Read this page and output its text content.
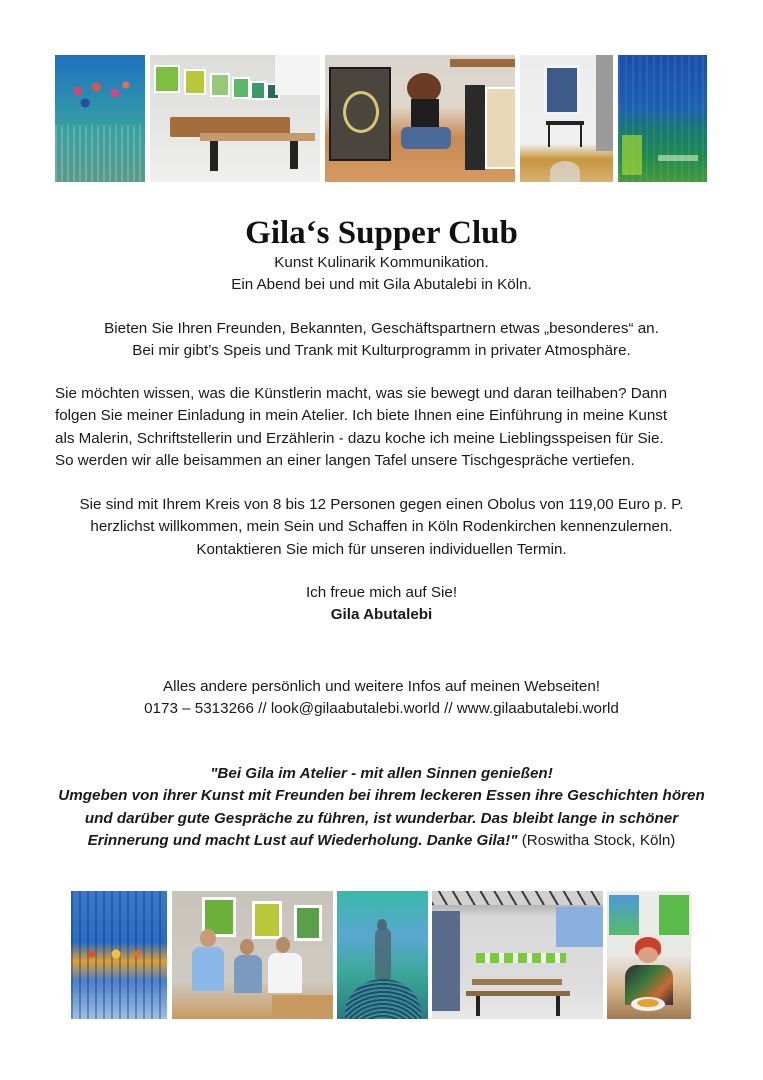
Gila‘s Supper Club
Kunst Kulinarik Kommunikation.
Ein Abend bei und mit Gila Abutalebi in Köln.
Bieten Sie Ihren Freunden, Bekannten, Geschäftspartnern etwas „besonderes“ an.
Bei mir gibt’s Speis und Trank mit Kulturprogramm in privater Atmosphäre.
Sie möchten wissen, was die Künstlerin macht, was sie bewegt und daran teilhaben? Dann
folgen Sie meiner Einladung in mein Atelier. Ich biete Ihnen eine Einführung in meine Kunst
als Malerin, Schriftstellerin und Erzählerin - dazu koche ich meine Lieblingsspeisen für Sie.
So werden wir alle beisammen an einer langen Tafel unsere Tischgespräche vertiefen.
Sie sind mit Ihrem Kreis von 8 bis 12 Personen gegen einen Obolus von 119,00 Euro p. P.
herzlichst willkommen, mein Sein und Schaffen in Köln Rodenkirchen kennenzulernen.
Kontaktieren Sie mich für unseren individuellen Termin.
Ich freue mich auf Sie!
Gila Abutalebi
Alles andere persönlich und weitere Infos auf meinen Webseiten!
0173 – 5313266 // look@gilaabutalebi.world // www.gilaabutalebi.world
"Bei Gila im Atelier - mit allen Sinnen genießen!
Umgeben von ihrer Kunst mit Freunden bei ihrem leckeren Essen ihre Geschichten hören
und darüber gute Gespräche zu führen, ist wunderbar. Das bleibt lange in schöner
Erinnerung und macht Lust auf Wiederholung. Danke Gila!" (Roswitha Stock, Köln)
